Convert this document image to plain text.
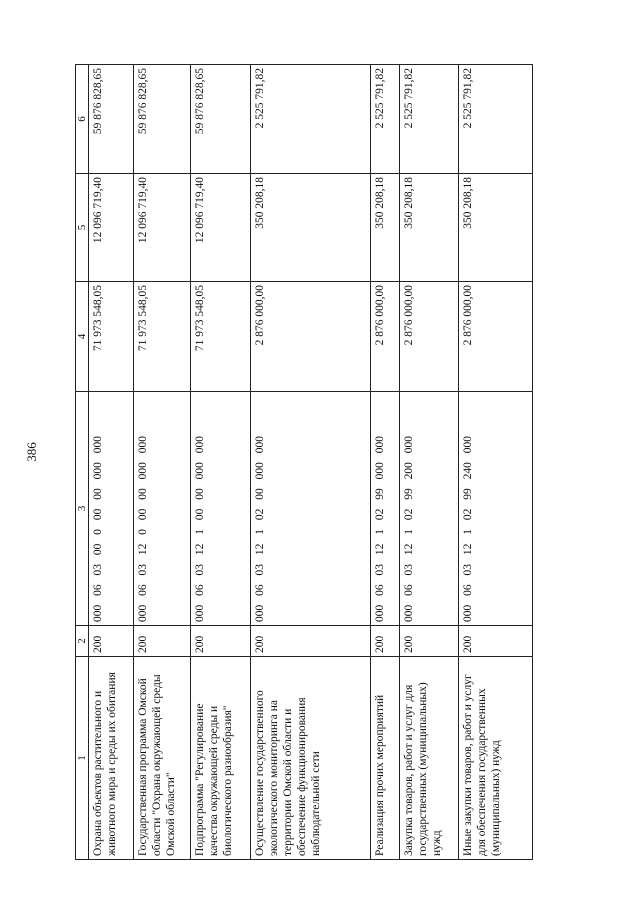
386
1	2	3	4	5	6
Охрана объектов растительного и животного мира и среды их обитания	200	000 06 03 00 0 00 00 000 000	71 973 548,05	12 096 719,40	59 876 828,65
Государственная программа Омской области "Охрана окружающей среды Омской области"	200	000 06 03 12 0 00 00 000 000	71 973 548,05	12 096 719,40	59 876 828,65
Подпрограмма "Регулирование качества окружающей среды и биологического разнообразия"	200	000 06 03 12 1 00 00 000 000	71 973 548,05	12 096 719,40	59 876 828,65
Осуществление государственного экологического мониторинга на территории Омской области и обеспечение функционирования наблюдательной сети	200	000 06 03 12 1 02 00 000 000	2 876 000,00	350 208,18	2 525 791,82
Реализация прочих мероприятий	200	000 06 03 12 1 02 99 000 000	2 876 000,00	350 208,18	2 525 791,82
Закупка товаров, работ и услуг для государственных (муниципальных) нужд	200	000 06 03 12 1 02 99 200 000	2 876 000,00	350 208,18	2 525 791,82
Иные закупки товаров, работ и услуг для обеспечения государственных (муниципальных) нужд	200	000 06 03 12 1 02 99 240 000	2 876 000,00	350 208,18	2 525 791,82
